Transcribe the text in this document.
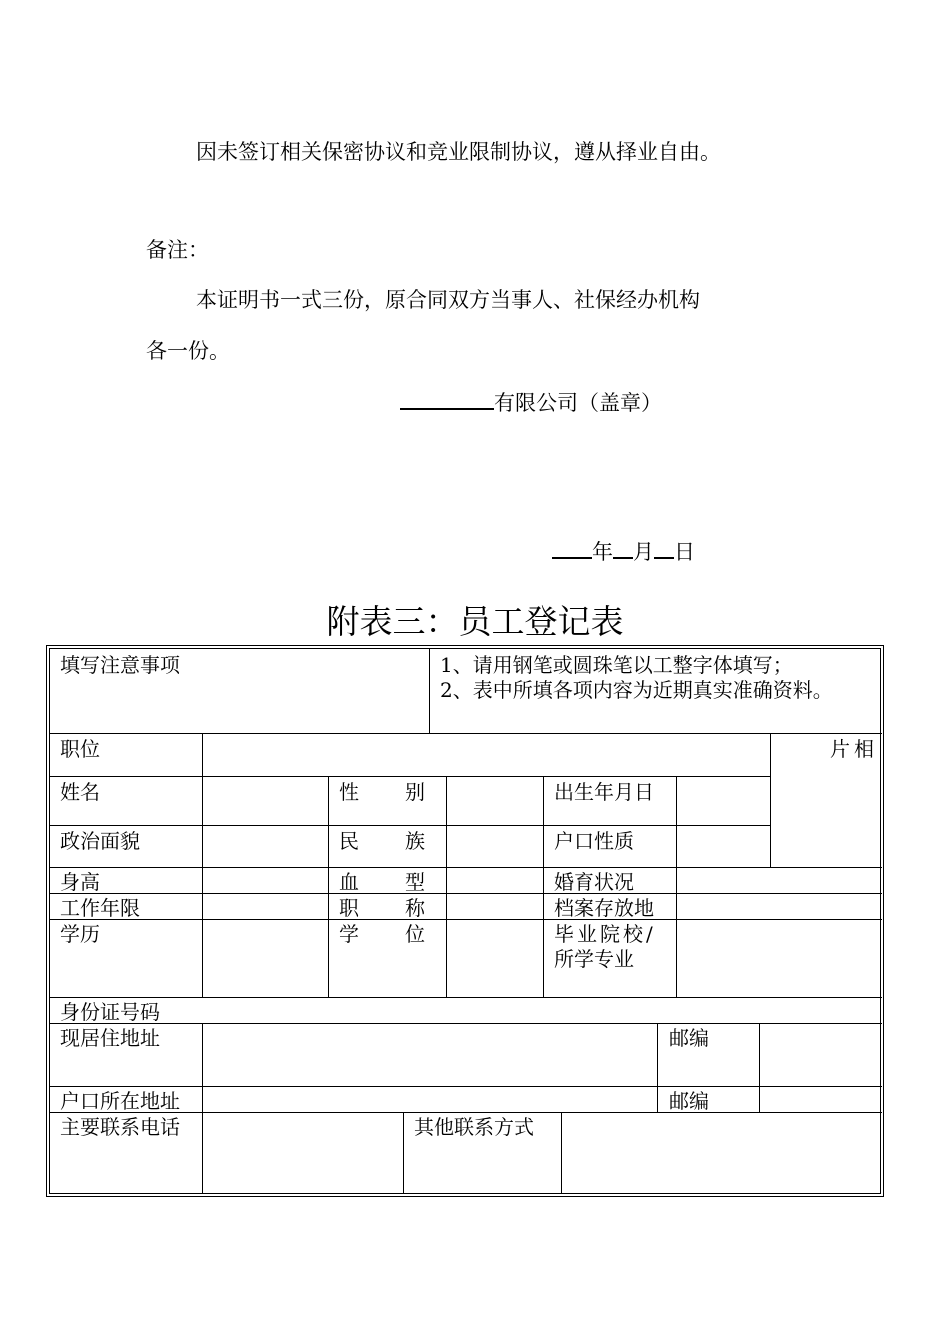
因未签订相关保密协议和竞业限制协议，遵从择业自由。
备注：
本证明书一式三份，原合同双方当事人、社保经办机构
各一份。
有限公司（盖章）
年 月 日
附表三：员工登记表
填写注意事项	1、请用钢笔或圆珠笔以工整字体填写；
2、表中所填各项内容为近期真实准确资料。
职位	片相
姓名	性别	出生年月日
政治面貌	民族	户口性质
身高	血型	婚育状况
工作年限	职称	档案存放地
学历	学位	毕业院校/
所学专业
身份证号码
现居住地址	邮编
户口所在地址	邮编
主要联系电话	其他联系方式
